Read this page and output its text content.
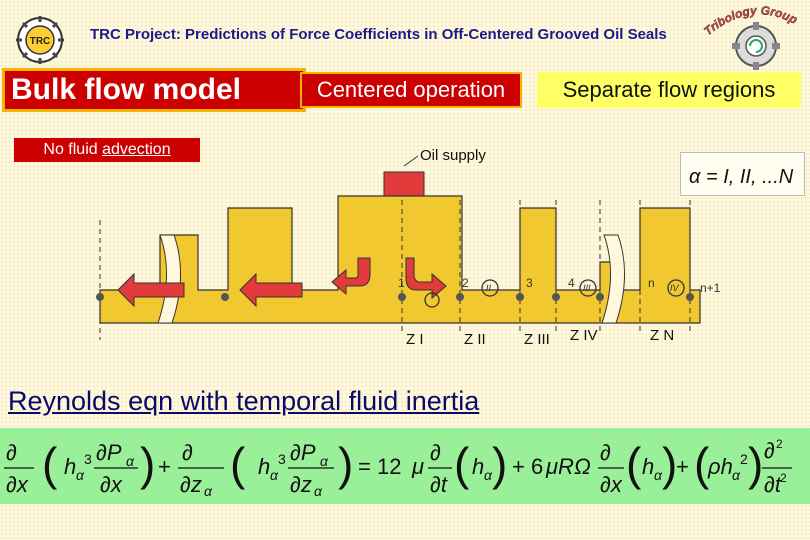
TRC	TRC Project: Predictions of Force Coefficients in Off-Centered Grooved Oil Seals	Tribology Group
Bulk flow model	Centered operation	Separate flow regions
No fluid advection
α = I, II, ...N
Oil supply
1	2	3	4	n	n+1
II	III	IV
Z I	Z II	Z III Z IV	Z N
Reynolds eqn with temporal fluid inertia
∂
∂x ( h α
3 ∂P α
∂x ) +
∂
∂z α
( h α
3 ∂P α
∂z α
) = 12 μ
∂
∂t ( h α ) + 6 μRΩ
∂
∂x ( h α )
+ (
ρh α
2 ) ∂ 2
∂t 2
